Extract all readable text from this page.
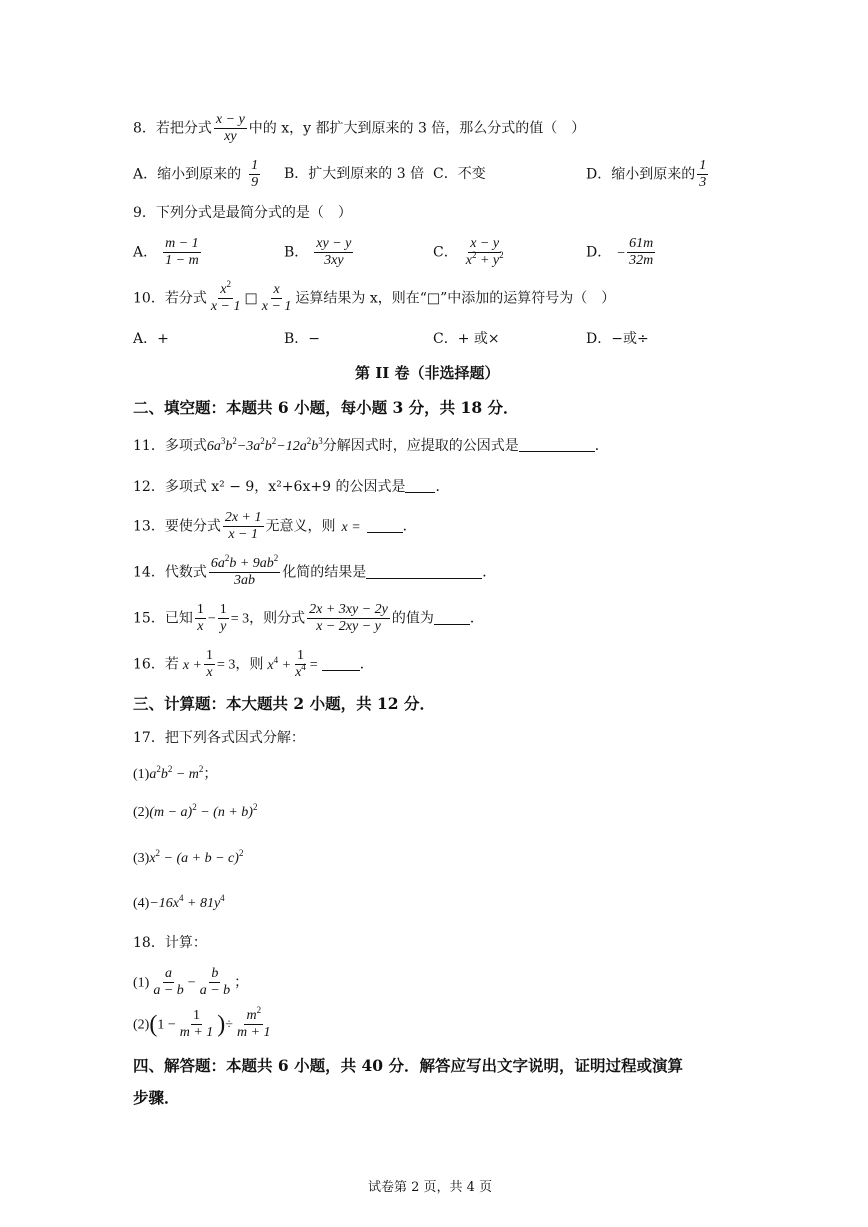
8．若把分式 $\frac{x - y}{xy}$ 中的 x，y 都扩大到原来的 3 倍，那么分式的值（　）
A．缩小到原来的 $\frac{1}{9}$ B．扩大到原来的 3 倍 C．不变	D．缩小到原来的 $\frac{1}{3}$
9．下列分式是最简分式的是（　）
A． $\frac{m - 1}{1 - m}$	B． $\frac{xy - y}{3xy}$	C． $\frac{x - y}{x^2 + y^2}$	D． − $\frac{61m}{32m}$
10．若分式 $\frac{x^2}{x - 1}$ □ $\frac{x}{x - 1}$ 运算结果为 x，则在“□”中添加的运算符号为（　）
A．+	B．−	C．+ 或×	D．−或÷
第 II 卷（非选择题）
二、填空题：本题共 6 小题，每小题 3 分，共 18 分．
11．多项式$6a^3b^2-3a^2b^2-12a^2b^3$分解因式时，应提取的公因式是	．
12．多项式 x² − 9，x²+6x+9 的公因式是 ．
13．要使分式 $\frac{2x + 1}{x - 1}$ 无意义，则 x =	．
14．代数式 $\frac{6a^2b + 9ab^2}{3ab}$ 化简的结果是	．
15．已知 $\frac{1}{x} - \frac{1}{y} = 3$，则分式 $\frac{2x + 3xy - 2y}{x - 2xy - y}$ 的值为	．
16．若 $x + \frac{1}{x} = 3$，则 $x^4 + \frac{1}{x^4}$ =	．
三、计算题：本大题共 2 小题，共 12 分．
17．把下列各式因式分解：
$(1)a^2b^2 - m^2$；
$(2)(m - a)^2 - (n + b)^2$
$(3)x^2 - (a + b - c)^2$
$(4)-16x^4 + 81y^4$
18．计算：
$(1) \frac{a}{a - b} - \frac{b}{a - b}$ ；
$(2)(1 - \frac{1}{m + 1}$ )÷ $\frac{m^2}{m + 1}$
四、解答题：本题共 6 小题，共 40 分．解答应写出文字说明，证明过程或演算
步骤．
试卷第 2 页，共 4 页
